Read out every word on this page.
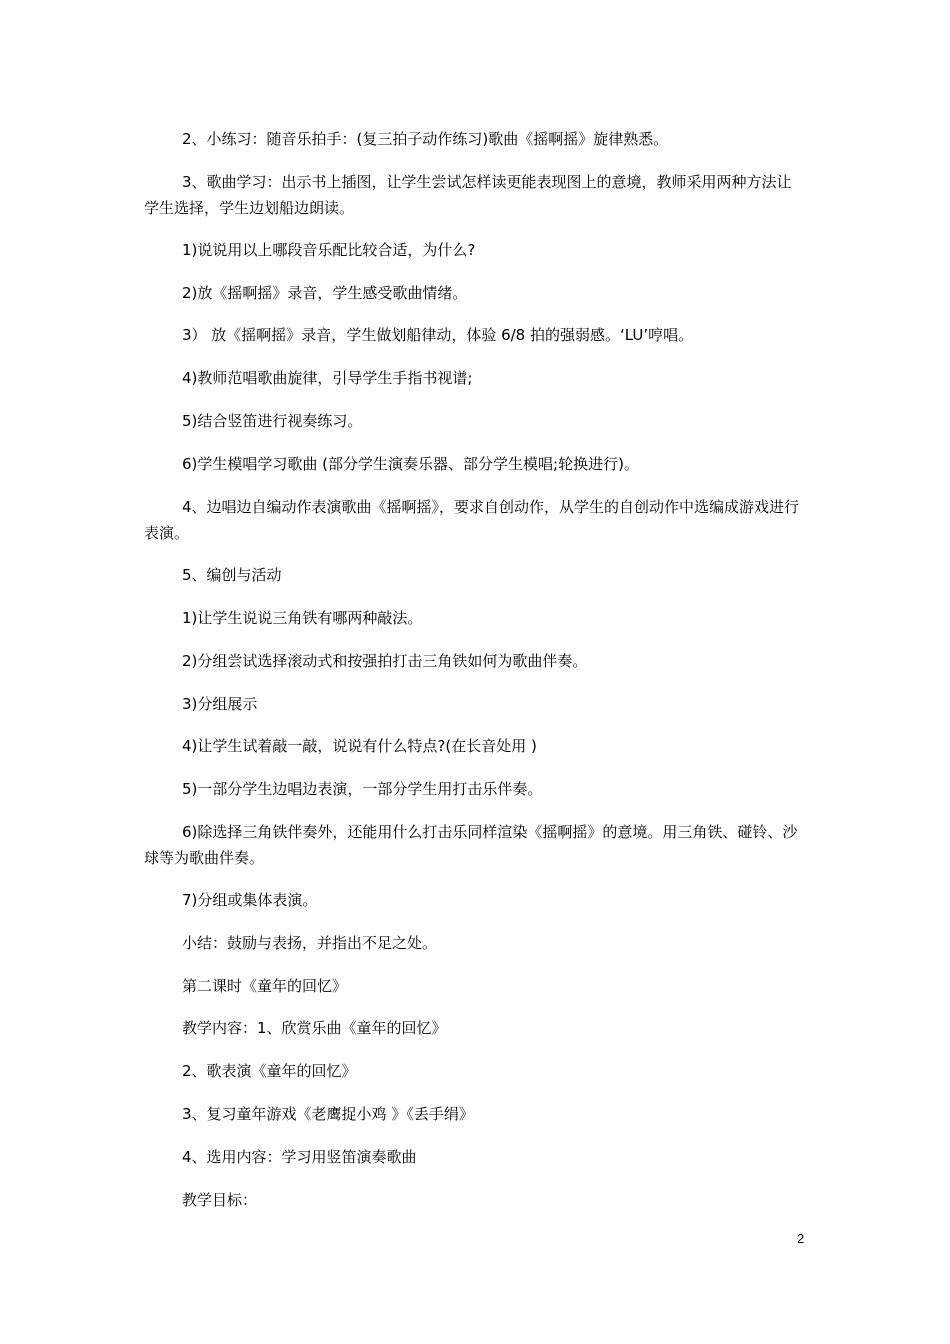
2、小练习：随音乐拍手：(复三拍子动作练习)歌曲《摇啊摇》旋律熟悉。

3、歌曲学习：出示书上插图，让学生尝试怎样读更能表现图上的意境，教师采用两种方法让学生选择，学生边划船边朗读。

1)说说用以上哪段音乐配比较合适，为什么?

2)放《摇啊摇》录音，学生感受歌曲情绪。

3） 放《摇啊摇》录音，学生做划船律动，体验 6/8 拍的强弱感。‘LU’哼唱。

4)教师范唱歌曲旋律，引导学生手指书视谱;

5)结合竖笛进行视奏练习。

6)学生模唱学习歌曲 (部分学生演奏乐器、部分学生模唱;轮换进行)。

4、边唱边自编动作表演歌曲《摇啊摇》，要求自创动作，从学生的自创动作中选编成游戏进行表演。

5、编创与活动

1)让学生说说三角铁有哪两种敲法。

2)分组尝试选择滚动式和按强拍打击三角铁如何为歌曲伴奏。

3)分组展示

4)让学生试着敲一敲，说说有什么特点?(在长音处用 )

5)一部分学生边唱边表演，一部分学生用打击乐伴奏。

6)除选择三角铁伴奏外，还能用什么打击乐同样渲染《摇啊摇》的意境。用三角铁、碰铃、沙球等为歌曲伴奏。

7)分组或集体表演。

小结：鼓励与表扬，并指出不足之处。

第二课时《童年的回忆》

教学内容：1、欣赏乐曲《童年的回忆》

2、歌表演《童年的回忆》

3、复习童年游戏《老鹰捉小鸡 》《丢手绢》

4、选用内容：学习用竖笛演奏歌曲

教学目标：

2
